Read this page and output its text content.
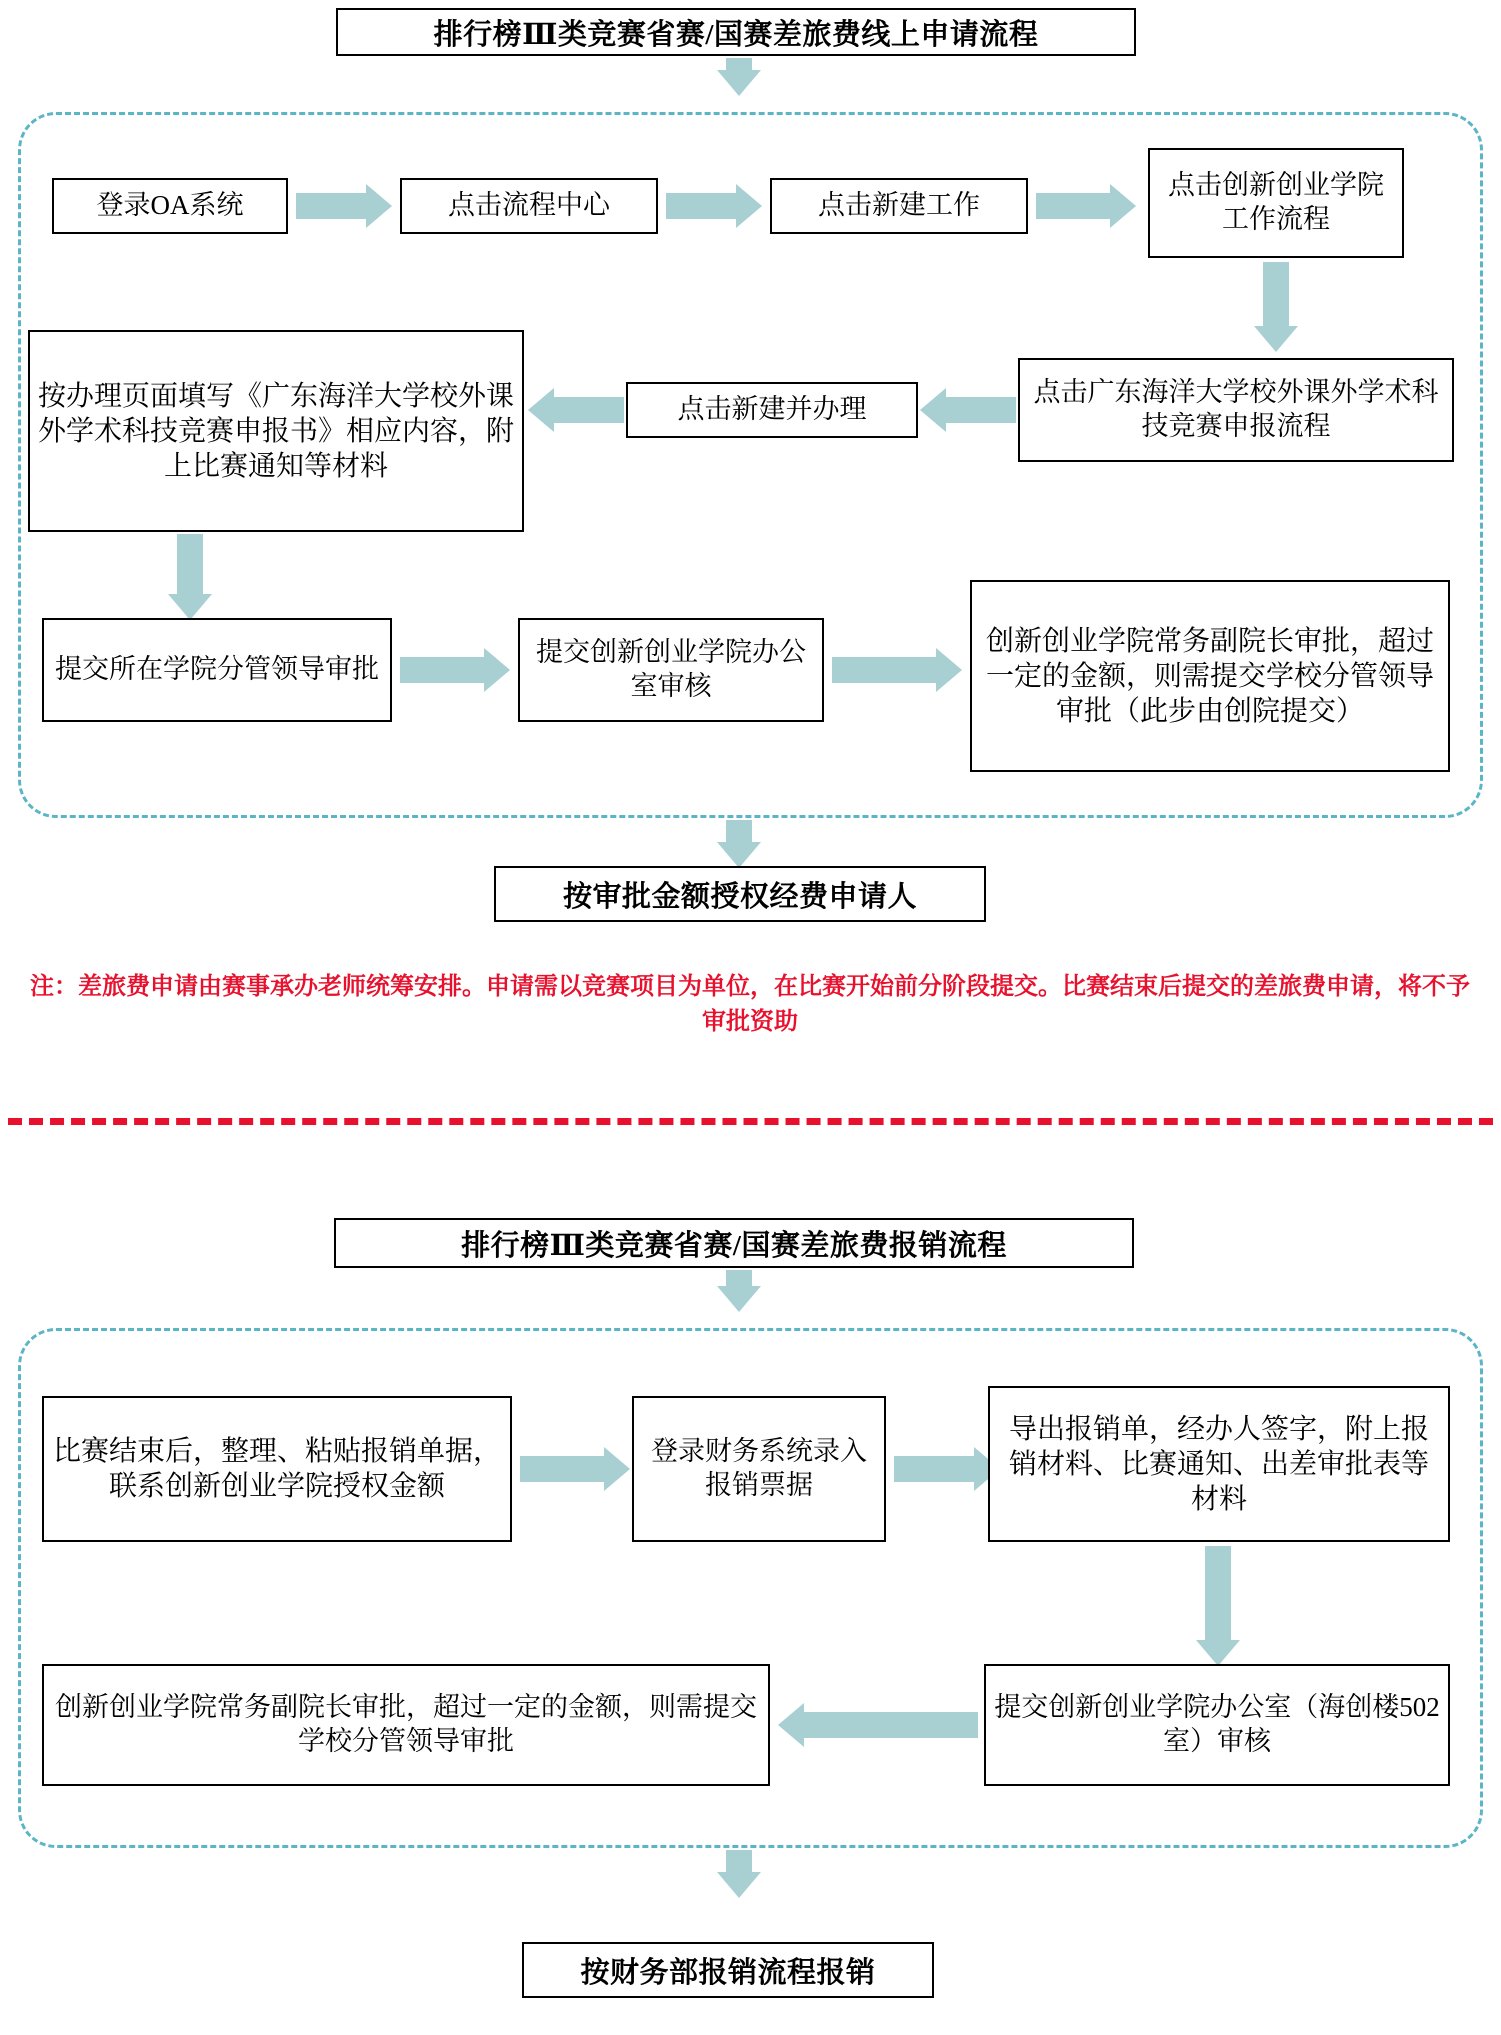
排行榜Ⅲ类竞赛省赛/国赛差旅费线上申请流程
登录OA系统	点击流程中心	点击新建工作
点击创新创业学院工作流程
点击广东海洋大学校外课外学术科技竞赛申报流程
点击新建并办理
按办理页面填写《广东海洋大学校外课外学术科技竞赛申报书》相应内容，附上比赛通知等材料
提交所在学院分管领导审批
提交创新创业学院办公室审核
创新创业学院常务副院长审批，超过一定的金额，则需提交学校分管领导审批（此步由创院提交）
按审批金额授权经费申请人
注：差旅费申请由赛事承办老师统筹安排。申请需以竞赛项目为单位，在比赛开始前分阶段提交。比赛结束后提交的差旅费申请，将不予审批资助
排行榜Ⅲ类竞赛省赛/国赛差旅费报销流程
比赛结束后，整理、粘贴报销单据，联系创新创业学院授权金额
登录财务系统录入报销票据
导出报销单，经办人签字，附上报销材料、比赛通知、出差审批表等材料
提交创新创业学院办公室（海创楼502室）审核
创新创业学院常务副院长审批，超过一定的金额，则需提交学校分管领导审批
按财务部报销流程报销
